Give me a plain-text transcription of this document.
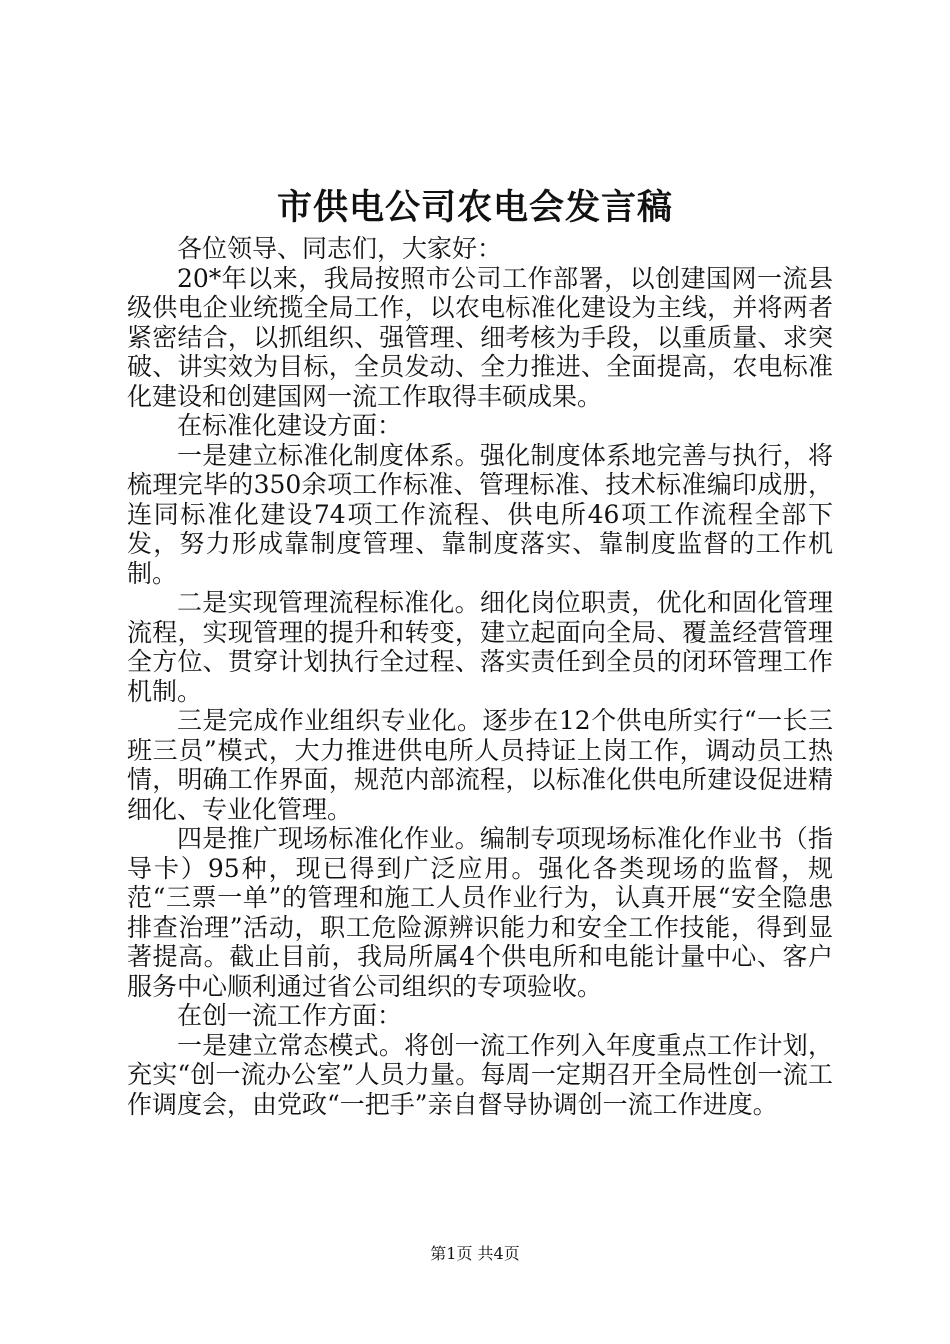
市供电公司农电会发言稿

各位领导、同志们，大家好：

20*年以来，我局按照市公司工作部署，以创建国网一流县级供电企业统揽全局工作，以农电标准化建设为主线，并将两者紧密结合，以抓组织、强管理、细考核为手段，以重质量、求突破、讲实效为目标，全员发动、全力推进、全面提高，农电标准化建设和创建国网一流工作取得丰硕成果。

在标准化建设方面：

一是建立标准化制度体系。强化制度体系地完善与执行，将梳理完毕的350余项工作标准、管理标准、技术标准编印成册，连同标准化建设74项工作流程、供电所46项工作流程全部下发，努力形成靠制度管理、靠制度落实、靠制度监督的工作机制。

二是实现管理流程标准化。细化岗位职责，优化和固化管理流程，实现管理的提升和转变，建立起面向全局、覆盖经营管理全方位、贯穿计划执行全过程、落实责任到全员的闭环管理工作机制。

三是完成作业组织专业化。逐步在12个供电所实行“一长三班三员”模式，大力推进供电所人员持证上岗工作，调动员工热情，明确工作界面，规范内部流程，以标准化供电所建设促进精细化、专业化管理。

四是推广现场标准化作业。编制专项现场标准化作业书（指导卡）95种，现已得到广泛应用。强化各类现场的监督，规范“三票一单”的管理和施工人员作业行为，认真开展“安全隐患排查治理”活动，职工危险源辨识能力和安全工作技能，得到显著提高。截止目前，我局所属4个供电所和电能计量中心、客户服务中心顺利通过省公司组织的专项验收。

在创一流工作方面：

一是建立常态模式。将创一流工作列入年度重点工作计划，充实“创一流办公室”人员力量。每周一定期召开全局性创一流工作调度会，由党政“一把手”亲自督导协调创一流工作进度。

第1页 共4页
